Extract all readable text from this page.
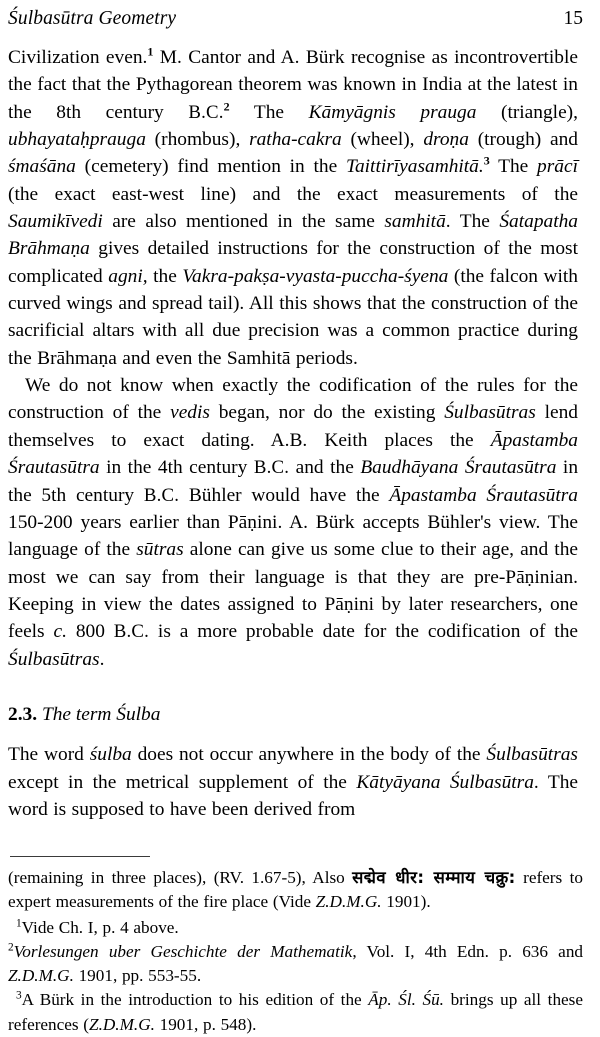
Śulbasūtra Geometry	15

Civilization even.$^1$ M. Cantor and A. Bürk recognise as incontrovertible the fact that the Pythagorean theorem was known in India at the latest in the 8th century B.C.$^2$ The Kāmyāgnis prauga (triangle), ubhayataḥprauga (rhombus), ratha-cakra (wheel), droṇa (trough) and śmaśāna (cemetery) find mention in the Taittirīyasamhitā.$^3$ The prācī (the exact east-west line) and the exact measurements of the Saumikīvedi are also mentioned in the same samhitā. The Śatapatha Brāhmaṇa gives detailed instructions for the construction of the most complicated agni, the Vakra-pakṣa-vyasta-puccha-śyena (the falcon with curved wings and spread tail). All this shows that the construction of the sacrificial altars with all due precision was a common practice during the Brāhmaṇa and even the Samhitā periods.

We do not know when exactly the codification of the rules for the construction of the vedis began, nor do the existing Śulbasūtras lend themselves to exact dating. A.B. Keith places the Āpastamba Śrautasūtra in the 4th century B.C. and the Baudhāyana Śrautasūtra in the 5th century B.C. Bühler would have the Āpastamba Śrautasūtra 150-200 years earlier than Pāṇini. A. Bürk accepts Bühler's view. The language of the sūtras alone can give us some clue to their age, and the most we can say from their language is that they are pre-Pāṇinian. Keeping in view the dates assigned to Pāṇini by later researchers, one feels c. 800 B.C. is a more probable date for the codification of the Śulbasūtras.

2.3. The term Śulba

The word śulba does not occur anywhere in the body of the Śulbasūtras except in the metrical supplement of the Kātyāyana Śulbasūtra. The word is supposed to have been derived from

(remaining in three places), (RV. 1.67-5), Also सद्मेव धीर: सम्माय चक्रु: refers to expert measurements of the fire place (Vide Z.D.M.G. 1901).

$^1$Vide Ch. I, p. 4 above.

$^2$Vorlesungen uber Geschichte der Mathematik, Vol. I, 4th Edn. p. 636 and Z.D.M.G. 1901, pp. 553-55.

$^3$A Bürk in the introduction to his edition of the Āp. Śl. Śū. brings up all these references (Z.D.M.G. 1901, p. 548).
